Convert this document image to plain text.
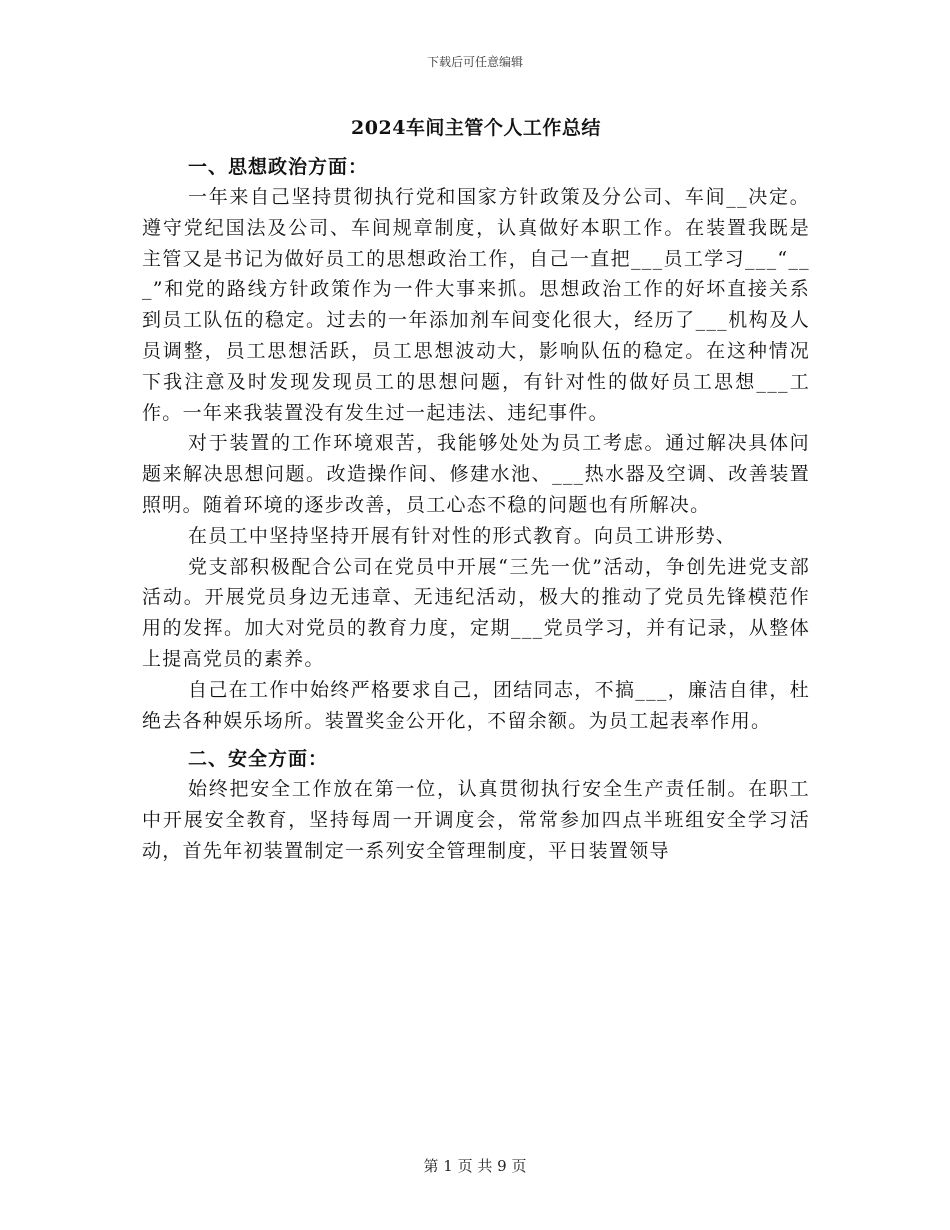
下载后可任意编辑
2024车间主管个人工作总结
一、思想政治方面：

一年来自己坚持贯彻执行党和国家方针政策及分公司、车间__决定。遵守党纪国法及公司、车间规章制度，认真做好本职工作。在装置我既是主管又是书记为做好员工的思想政治工作，自己一直把___员工学习___“___”和党的路线方针政策作为一件大事来抓。思想政治工作的好坏直接关系到员工队伍的稳定。过去的一年添加剂车间变化很大，经历了___机构及人员调整，员工思想活跃，员工思想波动大，影响队伍的稳定。在这种情况下我注意及时发现发现员工的思想问题，有针对性的做好员工思想___工作。一年来我装置没有发生过一起违法、违纪事件。

对于装置的工作环境艰苦，我能够处处为员工考虑。通过解决具体问题来解决思想问题。改造操作间、修建水池、___热水器及空调、改善装置照明。随着环境的逐步改善，员工心态不稳的问题也有所解决。

在员工中坚持坚持开展有针对性的形式教育。向员工讲形势、

党支部积极配合公司在党员中开展“三先一优”活动，争创先进党支部活动。开展党员身边无违章、无违纪活动，极大的推动了党员先锋模范作用的发挥。加大对党员的教育力度，定期___党员学习，并有记录，从整体上提高党员的素养。

自己在工作中始终严格要求自己，团结同志，不搞___，廉洁自律，杜绝去各种娱乐场所。装置奖金公开化，不留余额。为员工起表率作用。

二、安全方面：

始终把安全工作放在第一位，认真贯彻执行安全生产责任制。在职工中开展安全教育，坚持每周一开调度会，常常参加四点半班组安全学习活动，首先年初装置制定一系列安全管理制度，平日装置领导

第 1 页 共 9 页
